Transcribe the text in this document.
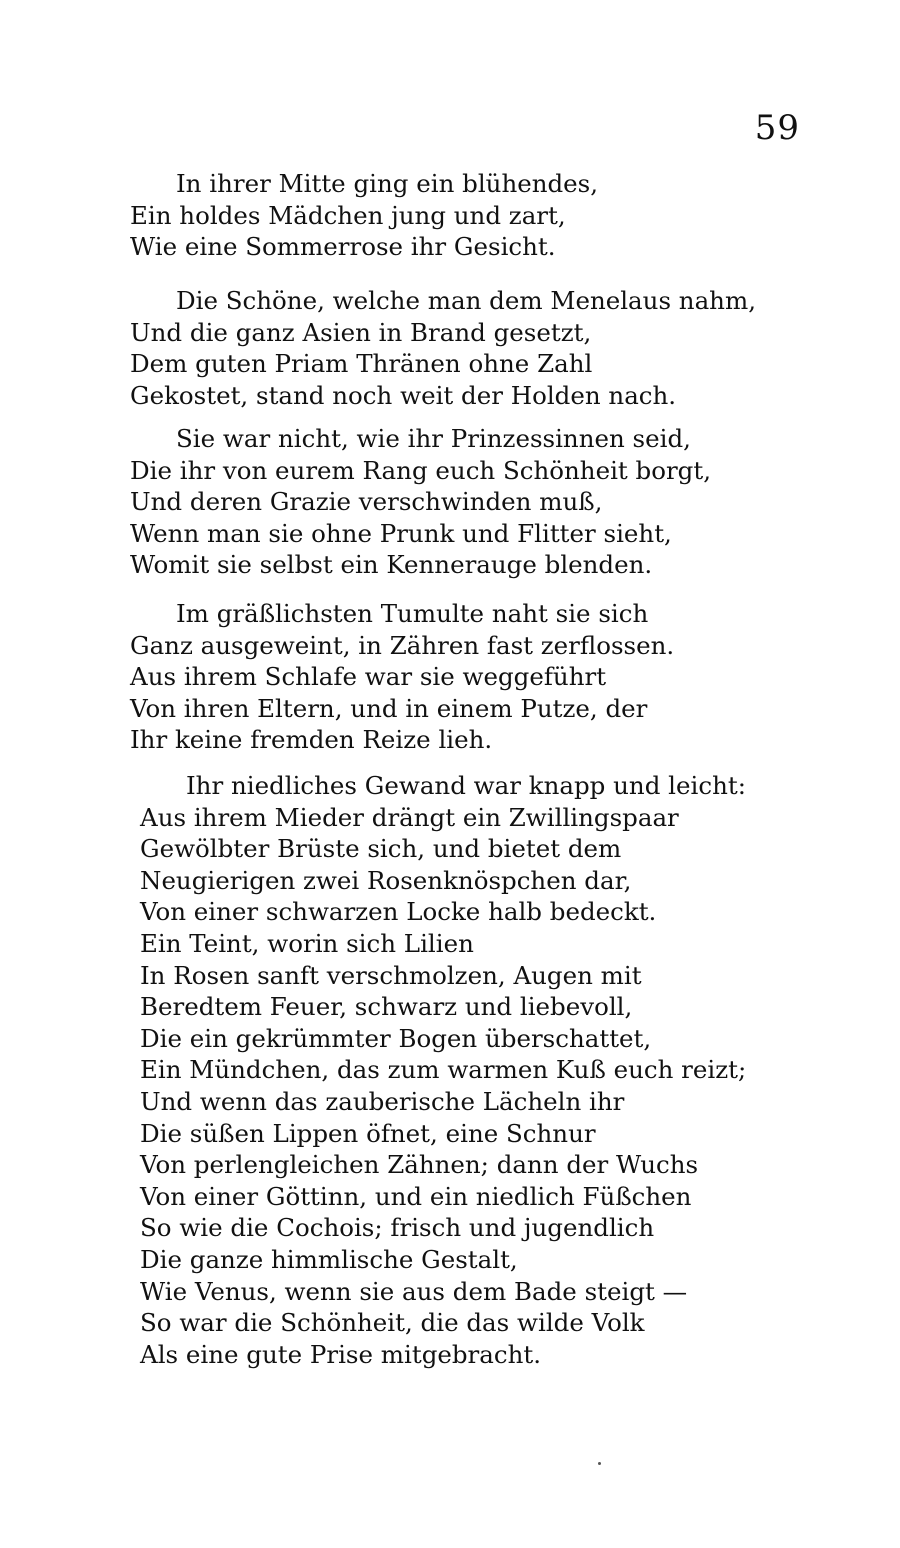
59
In ihrer Mitte ging ein blühendes,
Ein holdes Mädchen jung und zart,
Wie eine Sommerrose ihr Gesicht.
Die Schöne, welche man dem Menelaus nahm,
Und die ganz Asien in Brand gesetzt,
Dem guten Priam Thränen ohne Zahl
Gekostet, stand noch weit der Holden nach.
Sie war nicht, wie ihr Prinzessinnen seid,
Die ihr von eurem Rang euch Schönheit borgt,
Und deren Grazie verschwinden muß,
Wenn man sie ohne Prunk und Flitter sieht,
Womit sie selbst ein Kennerauge blenden.
Im gräßlichsten Tumulte naht sie sich
Ganz ausgeweint, in Zähren fast zerflossen.
Aus ihrem Schlafe war sie weggeführt
Von ihren Eltern, und in einem Putze, der
Ihr keine fremden Reize lieh.
Ihr niedliches Gewand war knapp und leicht:
Aus ihrem Mieder drängt ein Zwillingspaar
Gewölbter Brüste sich, und bietet dem
Neugierigen zwei Rosenknöspchen dar,
Von einer schwarzen Locke halb bedeckt.
Ein Teint, worin sich Lilien
In Rosen sanft verschmolzen, Augen mit
Beredtem Feuer, schwarz und liebevoll,
Die ein gekrümmter Bogen überschattet,
Ein Mündchen, das zum warmen Kuß euch reizt;
Und wenn das zauberische Lächeln ihr
Die süßen Lippen öfnet, eine Schnur
Von perlengleichen Zähnen; dann der Wuchs
Von einer Göttinn, und ein niedlich Füßchen
So wie die Cochois; frisch und jugendlich
Die ganze himmlische Gestalt,
Wie Venus, wenn sie aus dem Bade steigt —
So war die Schönheit, die das wilde Volk
Als eine gute Prise mitgebracht.
